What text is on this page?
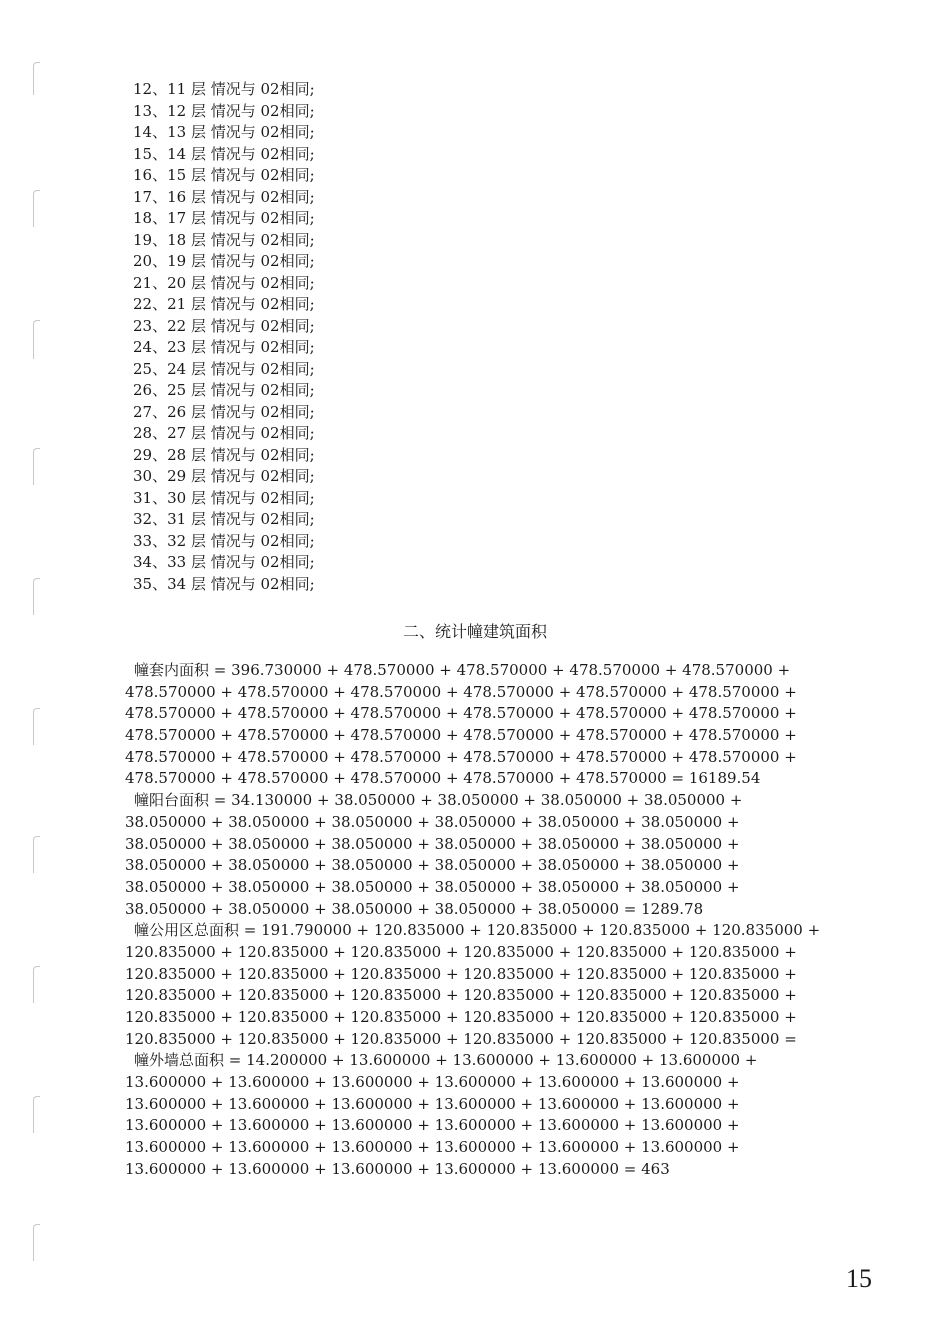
12、11 层 情况与 02相同;
13、12 层 情况与 02相同;
14、13 层 情况与 02相同;
15、14 层 情况与 02相同;
16、15 层 情况与 02相同;
17、16 层 情况与 02相同;
18、17 层 情况与 02相同;
19、18 层 情况与 02相同;
20、19 层 情况与 02相同;
21、20 层 情况与 02相同;
22、21 层 情况与 02相同;
23、22 层 情况与 02相同;
24、23 层 情况与 02相同;
25、24 层 情况与 02相同;
26、25 层 情况与 02相同;
27、26 层 情况与 02相同;
28、27 层 情况与 02相同;
29、28 层 情况与 02相同;
30、29 层 情况与 02相同;
31、30 层 情况与 02相同;
32、31 层 情况与 02相同;
33、32 层 情况与 02相同;
34、33 层 情况与 02相同;
35、34 层 情况与 02相同;
二、统计幢建筑面积
幢套内面积 = 396.730000 + 478.570000 + 478.570000 + 478.570000 + 478.570000 +
478.570000 + 478.570000 + 478.570000 + 478.570000 + 478.570000 + 478.570000 +
478.570000 + 478.570000 + 478.570000 + 478.570000 + 478.570000 + 478.570000 +
478.570000 + 478.570000 + 478.570000 + 478.570000 + 478.570000 + 478.570000 +
478.570000 + 478.570000 + 478.570000 + 478.570000 + 478.570000 + 478.570000 +
478.570000 + 478.570000 + 478.570000 + 478.570000 + 478.570000 = 16189.54
幢阳台面积 = 34.130000 + 38.050000 + 38.050000 + 38.050000 + 38.050000 +
38.050000 + 38.050000 + 38.050000 + 38.050000 + 38.050000 + 38.050000 +
38.050000 + 38.050000 + 38.050000 + 38.050000 + 38.050000 + 38.050000 +
38.050000 + 38.050000 + 38.050000 + 38.050000 + 38.050000 + 38.050000 +
38.050000 + 38.050000 + 38.050000 + 38.050000 + 38.050000 + 38.050000 +
38.050000 + 38.050000 + 38.050000 + 38.050000 + 38.050000 = 1289.78
幢公用区总面积 = 191.790000 + 120.835000 + 120.835000 + 120.835000 + 120.835000 +
120.835000 + 120.835000 + 120.835000 + 120.835000 + 120.835000 + 120.835000 +
120.835000 + 120.835000 + 120.835000 + 120.835000 + 120.835000 + 120.835000 +
120.835000 + 120.835000 + 120.835000 + 120.835000 + 120.835000 + 120.835000 +
120.835000 + 120.835000 + 120.835000 + 120.835000 + 120.835000 + 120.835000 +
120.835000 + 120.835000 + 120.835000 + 120.835000 + 120.835000 + 120.835000 =
幢外墙总面积 = 14.200000 + 13.600000 + 13.600000 + 13.600000 + 13.600000 +
13.600000 + 13.600000 + 13.600000 + 13.600000 + 13.600000 + 13.600000 +
13.600000 + 13.600000 + 13.600000 + 13.600000 + 13.600000 + 13.600000 +
13.600000 + 13.600000 + 13.600000 + 13.600000 + 13.600000 + 13.600000 +
13.600000 + 13.600000 + 13.600000 + 13.600000 + 13.600000 + 13.600000 +
13.600000 + 13.600000 + 13.600000 + 13.600000 + 13.600000 = 463
15
